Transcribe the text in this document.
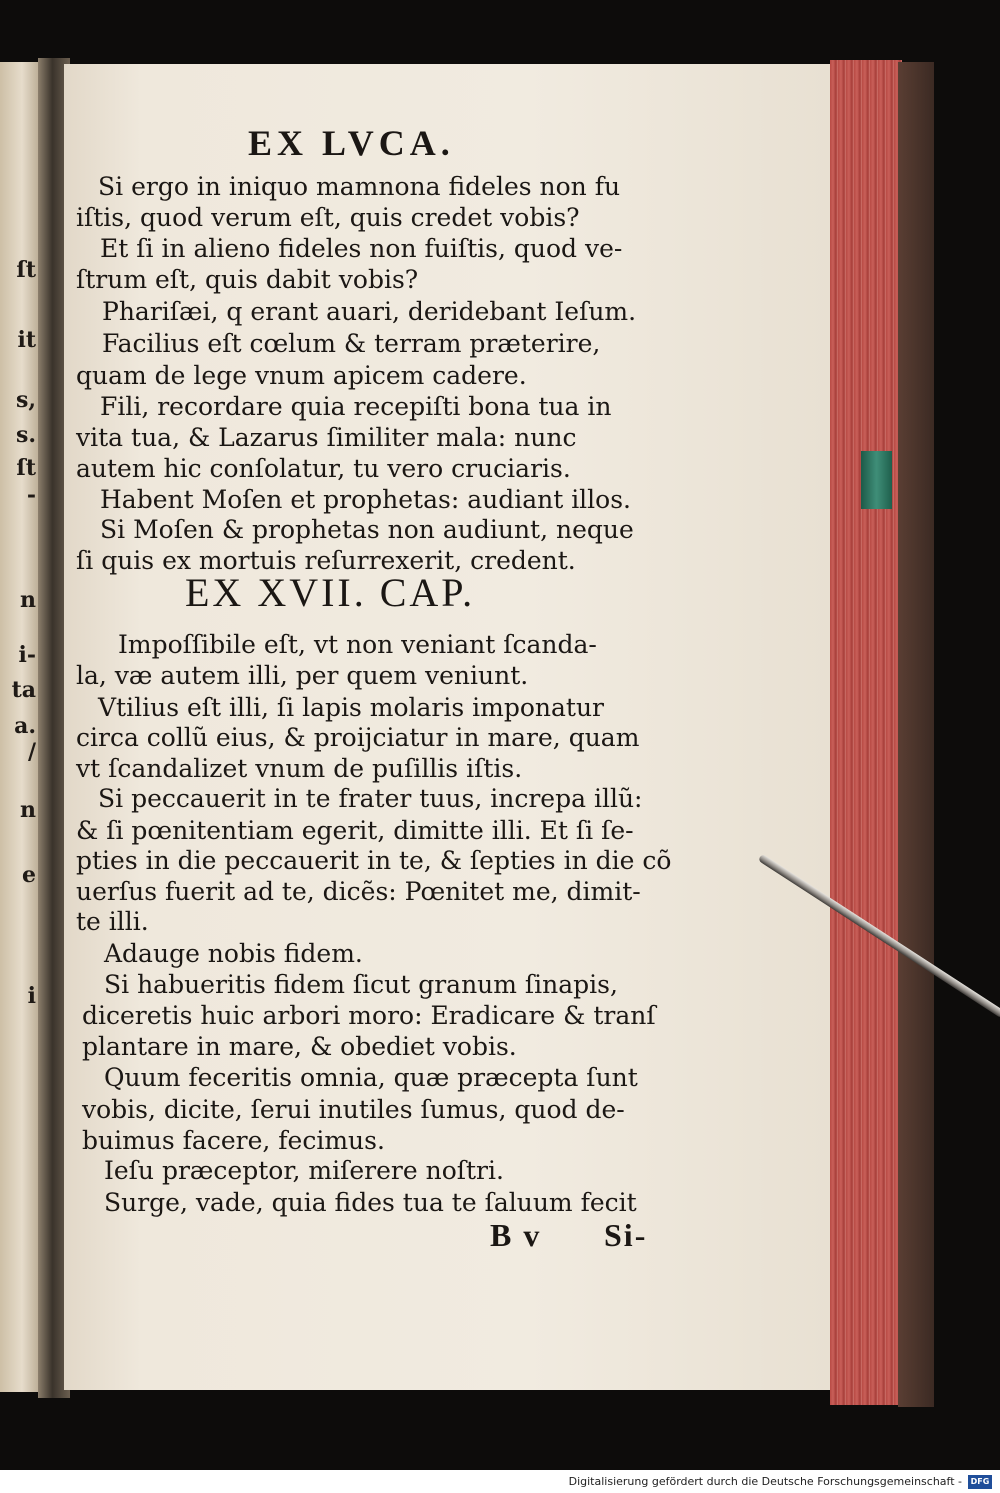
ſt
it
s,
s.
ſt
-
n
i-
ta
a.
/
n
e
i
EX LVCA.
Si ergo in iniquo mamnona fideles non fu
iſtis, quod verum eſt, quis credet vobis?
Et ſi in alieno fideles non fuiſtis, quod ve-
ſtrum eſt, quis dabit vobis?
Phariſæi, q erant auari, deridebant Ieſum.
Facilius eſt cœlum & terram præterire,
quam de lege vnum apicem cadere.
Fili, recordare quia recepiſti bona tua in
vita tua, & Lazarus ſimiliter mala: nunc
autem hic conſolatur, tu vero cruciaris.
Habent Moſen et prophetas: audiant illos.
Si Moſen & prophetas non audiunt, neque
ſi quis ex mortuis reſurrexerit, credent.
EX XVII. CAP.
Impoſſibile eſt, vt non veniant ſcanda-
la, væ autem illi, per quem veniunt.
Vtilius eſt illi, ſi lapis molaris imponatur
circa collũ eius, & proijciatur in mare, quam
vt ſcandalizet vnum de puſillis iſtis.
Si peccauerit in te frater tuus, increpa illũ:
& ſi pœnitentiam egerit, dimitte illi. Et ſi ſe-
pties in die peccauerit in te, & ſepties in die cõ
uerſus fuerit ad te, dicẽs: Pœnitet me, dimit-
te illi.
Adauge nobis fidem.
Si habueritis fidem ſicut granum ſinapis,
diceretis huic arbori moro: Eradicare & tranſ
plantare in mare, & obediet vobis.
Quum feceritis omnia, quæ præcepta ſunt
vobis, dicite, ſerui inutiles ſumus, quod de-
buimus facere, fecimus.
Ieſu præceptor, miſerere noſtri.
Surge, vade, quia fides tua te ſaluum fecit
B v Si-
Digitalisierung gefördert durch die Deutsche Forschungsgemeinschaft -	DFG
